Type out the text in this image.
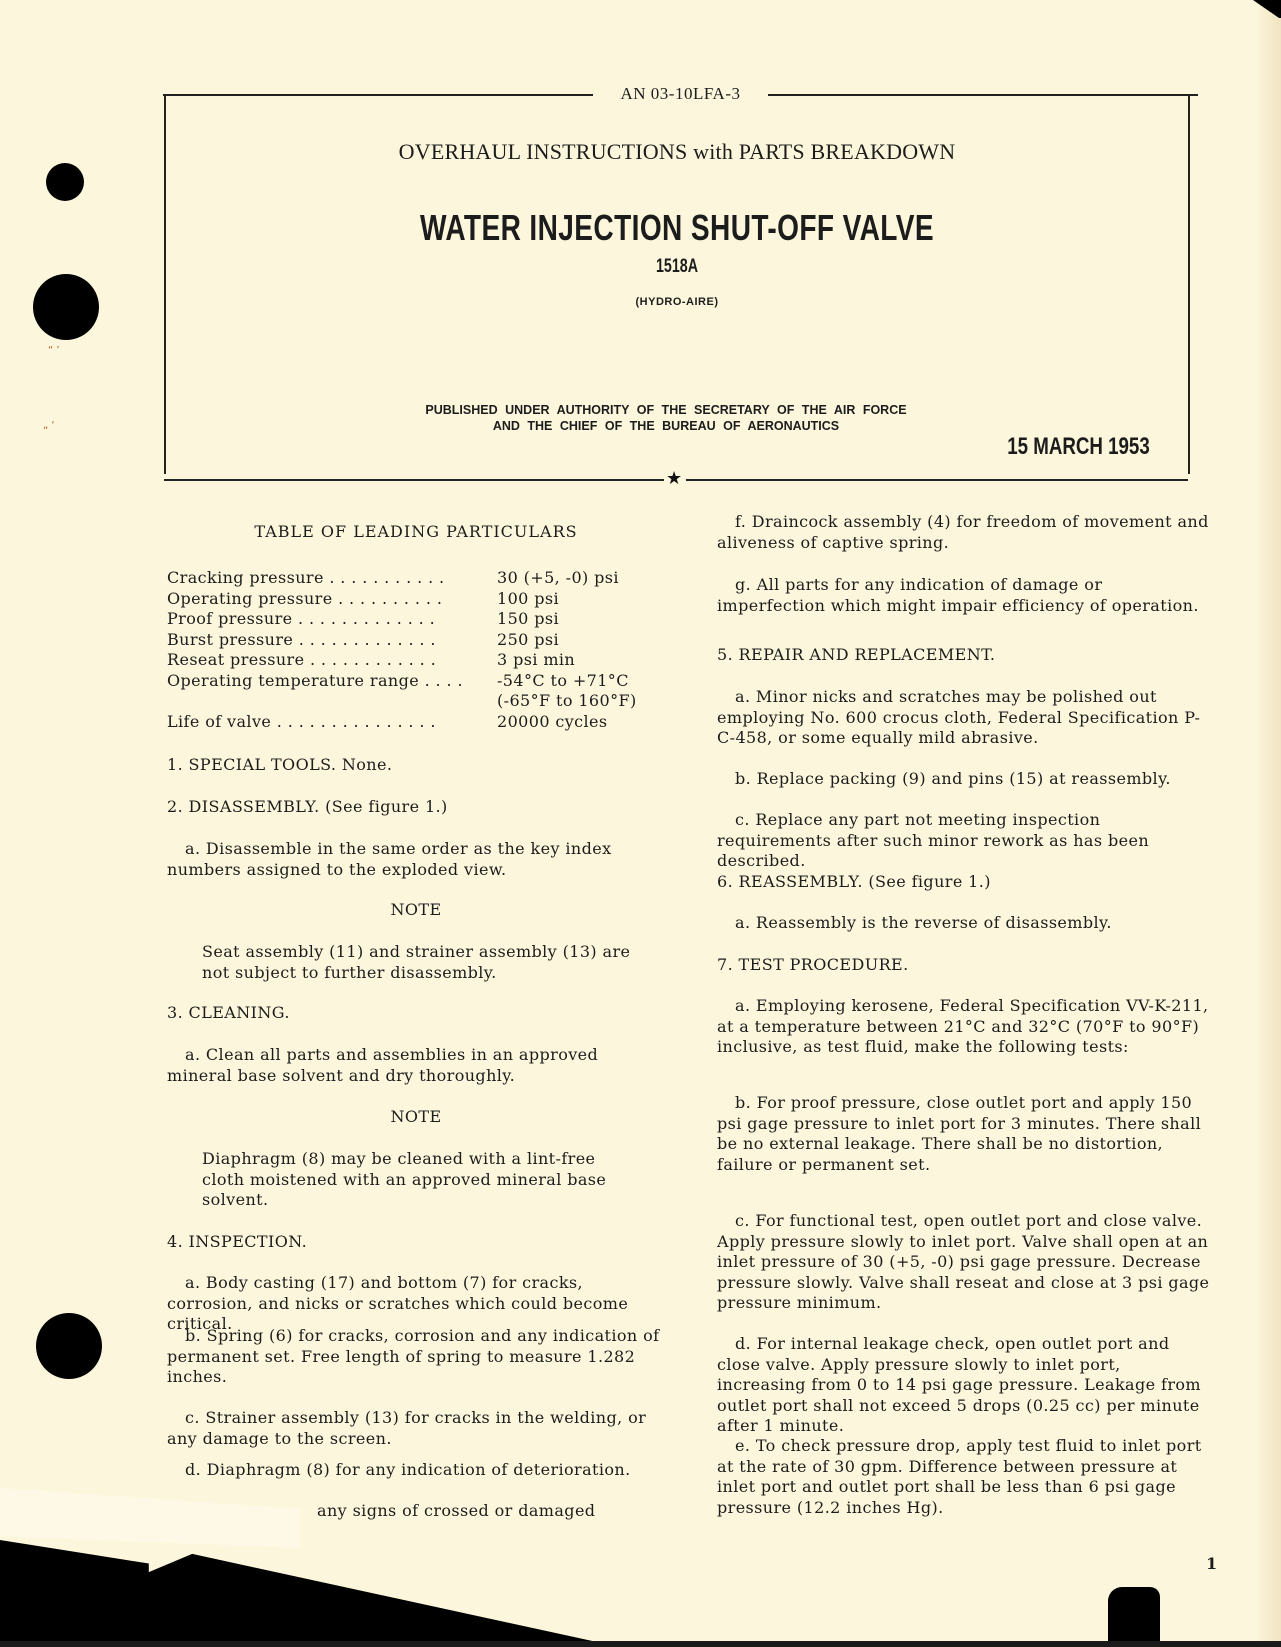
“ ’
„ ‘
AN 03-10LFA-3
OVERHAUL INSTRUCTIONS with PARTS BREAKDOWN
WATER INJECTION SHUT-OFF VALVE
1518A
(HYDRO-AIRE)
PUBLISHED UNDER AUTHORITY OF THE SECRETARY OF THE AIR FORCE
AND THE CHIEF OF THE BUREAU OF AERONAUTICS
15 MARCH 1953
★
TABLE OF LEADING PARTICULARS
Cracking pressure . . . . . . . . . . .	30 (+5, -0) psi
Operating pressure . . . . . . . . . .	100 psi
Proof pressure . . . . . . . . . . . . .	150 psi
Burst pressure . . . . . . . . . . . . .	250 psi
Reseat pressure . . . . . . . . . . . .	3 psi min
Operating temperature range . . . .	-54°C to +71°C
(-65°F to 160°F)
Life of valve . . . . . . . . . . . . . . .	20000 cycles
1. SPECIAL TOOLS. None.
2. DISASSEMBLY. (See figure 1.)
a. Disassemble in the same order as the key index numbers assigned to the exploded view.
NOTE
Seat assembly (11) and strainer assembly (13) are not subject to further disassembly.
3. CLEANING.
a. Clean all parts and assemblies in an approved mineral base solvent and dry thoroughly.
NOTE
Diaphragm (8) may be cleaned with a lint-free cloth moistened with an approved mineral base solvent.
4. INSPECTION.
a. Body casting (17) and bottom (7) for cracks, corrosion, and nicks or scratches which could become critical.
b. Spring (6) for cracks, corrosion and any indication of permanent set. Free length of spring to measure 1.282 inches.
c. Strainer assembly (13) for cracks in the welding, or any damage to the screen.
d. Diaphragm (8) for any indication of deterioration.
any signs of crossed or damaged
f. Draincock assembly (4) for freedom of movement and aliveness of captive spring.
g. All parts for any indication of damage or imperfection which might impair efficiency of operation.
5. REPAIR AND REPLACEMENT.
a. Minor nicks and scratches may be polished out employing No. 600 crocus cloth, Federal Specification P-C-458, or some equally mild abrasive.
b. Replace packing (9) and pins (15) at reassembly.
c. Replace any part not meeting inspection requirements after such minor rework as has been described.
6. REASSEMBLY. (See figure 1.)
a. Reassembly is the reverse of disassembly.
7. TEST PROCEDURE.
a. Employing kerosene, Federal Specification VV-K-211, at a temperature between 21°C and 32°C (70°F to 90°F) inclusive, as test fluid, make the following tests:
b. For proof pressure, close outlet port and apply 150 psi gage pressure to inlet port for 3 minutes. There shall be no external leakage. There shall be no distortion, failure or permanent set.
c. For functional test, open outlet port and close valve. Apply pressure slowly to inlet port. Valve shall open at an inlet pressure of 30 (+5, -0) psi gage pressure. Decrease pressure slowly. Valve shall reseat and close at 3 psi gage pressure minimum.
d. For internal leakage check, open outlet port and close valve. Apply pressure slowly to inlet port, increasing from 0 to 14 psi gage pressure. Leakage from outlet port shall not exceed 5 drops (0.25 cc) per minute after 1 minute.
e. To check pressure drop, apply test fluid to inlet port at the rate of 30 gpm. Difference between pressure at inlet port and outlet port shall be less than 6 psi gage pressure (12.2 inches Hg).
1
